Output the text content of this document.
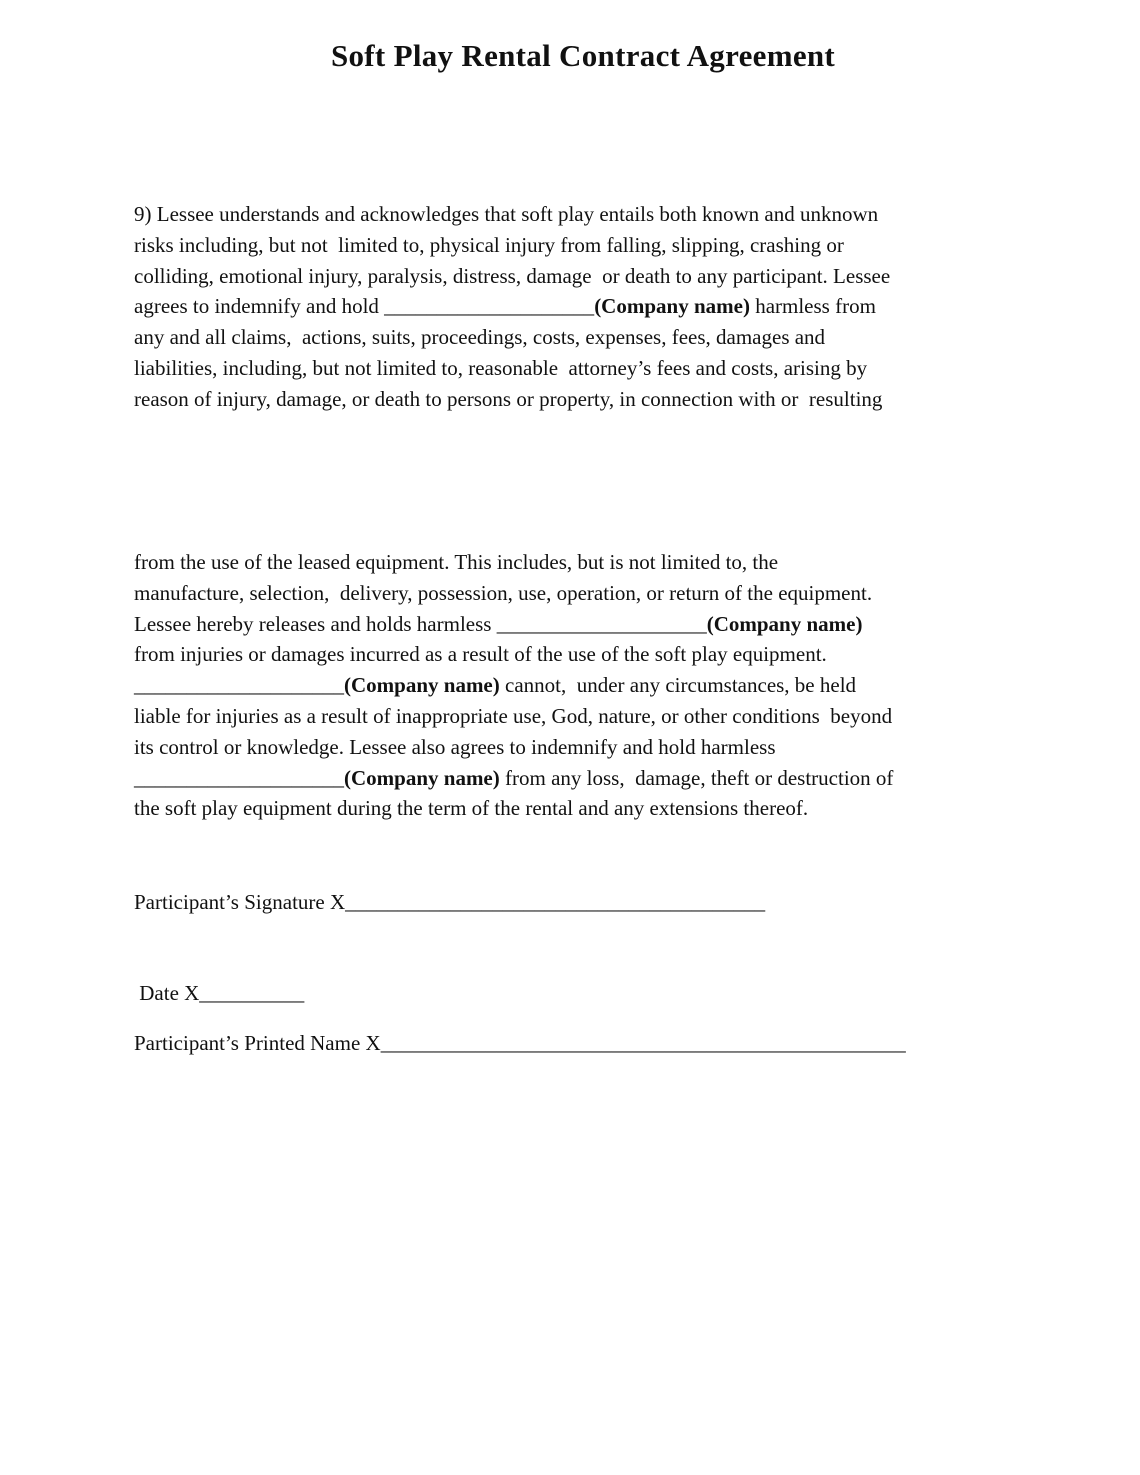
Soft Play Rental Contract Agreement
9) Lessee understands and acknowledges that soft play entails both known and unknown
risks including, but not  limited to, physical injury from falling, slipping, crashing or
colliding, emotional injury, paralysis, distress, damage  or death to any participant. Lessee
agrees to indemnify and hold ____________________(Company name) harmless from
any and all claims,  actions, suits, proceedings, costs, expenses, fees, damages and
liabilities, including, but not limited to, reasonable  attorney’s fees and costs, arising by
reason of injury, damage, or death to persons or property, in connection with or  resulting
from the use of the leased equipment. This includes, but is not limited to, the
manufacture, selection,  delivery, possession, use, operation, or return of the equipment.
Lessee hereby releases and holds harmless ____________________(Company name)
from injuries or damages incurred as a result of the use of the soft play equipment.
____________________(Company name) cannot,  under any circumstances, be held
liable for injuries as a result of inappropriate use, God, nature, or other conditions  beyond
its control or knowledge. Lessee also agrees to indemnify and hold harmless
____________________(Company name) from any loss,  damage, theft or destruction of
the soft play equipment during the term of the rental and any extensions thereof.
Participant’s Signature X________________________________________
Date X__________
Participant’s Printed Name X__________________________________________________
